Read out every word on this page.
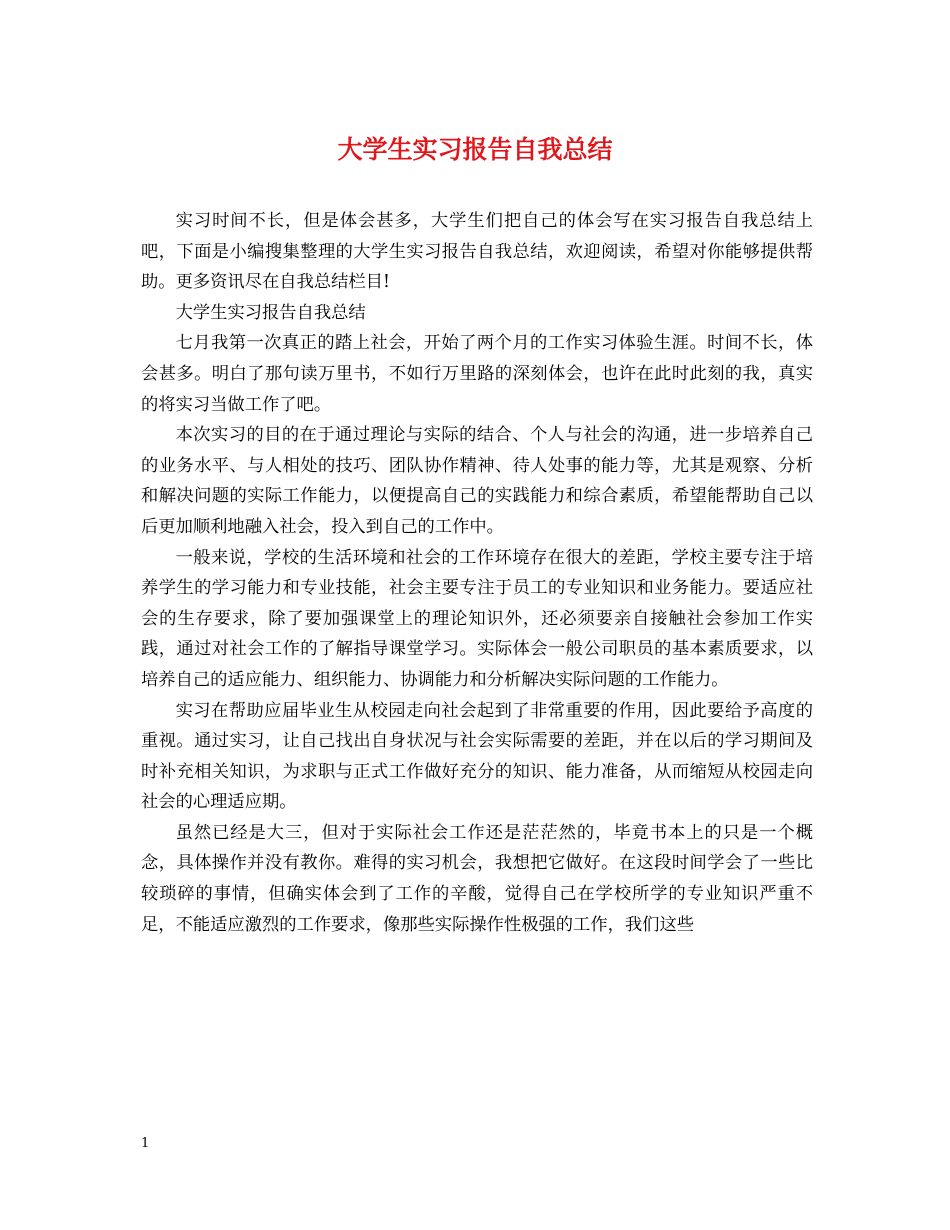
大学生实习报告自我总结

实习时间不长，但是体会甚多，大学生们把自己的体会写在实习报告自我总结上吧，下面是小编搜集整理的大学生实习报告自我总结，欢迎阅读，希望对你能够提供帮助。更多资讯尽在自我总结栏目!

大学生实习报告自我总结

七月我第一次真正的踏上社会，开始了两个月的工作实习体验生涯。时间不长，体会甚多。明白了那句读万里书，不如行万里路的深刻体会，也许在此时此刻的我，真实的将实习当做工作了吧。

本次实习的目的在于通过理论与实际的结合、个人与社会的沟通，进一步培养自己的业务水平、与人相处的技巧、团队协作精神、待人处事的能力等，尤其是观察、分析和解决问题的实际工作能力，以便提高自己的实践能力和综合素质，希望能帮助自己以后更加顺利地融入社会，投入到自己的工作中。

一般来说，学校的生活环境和社会的工作环境存在很大的差距，学校主要专注于培养学生的学习能力和专业技能，社会主要专注于员工的专业知识和业务能力。要适应社会的生存要求，除了要加强课堂上的理论知识外，还必须要亲自接触社会参加工作实践，通过对社会工作的了解指导课堂学习。实际体会一般公司职员的基本素质要求，以培养自己的适应能力、组织能力、协调能力和分析解决实际问题的工作能力。

实习在帮助应届毕业生从校园走向社会起到了非常重要的作用，因此要给予高度的重视。通过实习，让自己找出自身状况与社会实际需要的差距，并在以后的学习期间及时补充相关知识，为求职与正式工作做好充分的知识、能力准备，从而缩短从校园走向社会的心理适应期。

虽然已经是大三，但对于实际社会工作还是茫茫然的，毕竟书本上的只是一个概念，具体操作并没有教你。难得的实习机会，我想把它做好。在这段时间学会了一些比较琐碎的事情，但确实体会到了工作的辛酸，觉得自己在学校所学的专业知识严重不足，不能适应激烈的工作要求，像那些实际操作性极强的工作，我们这些

1
